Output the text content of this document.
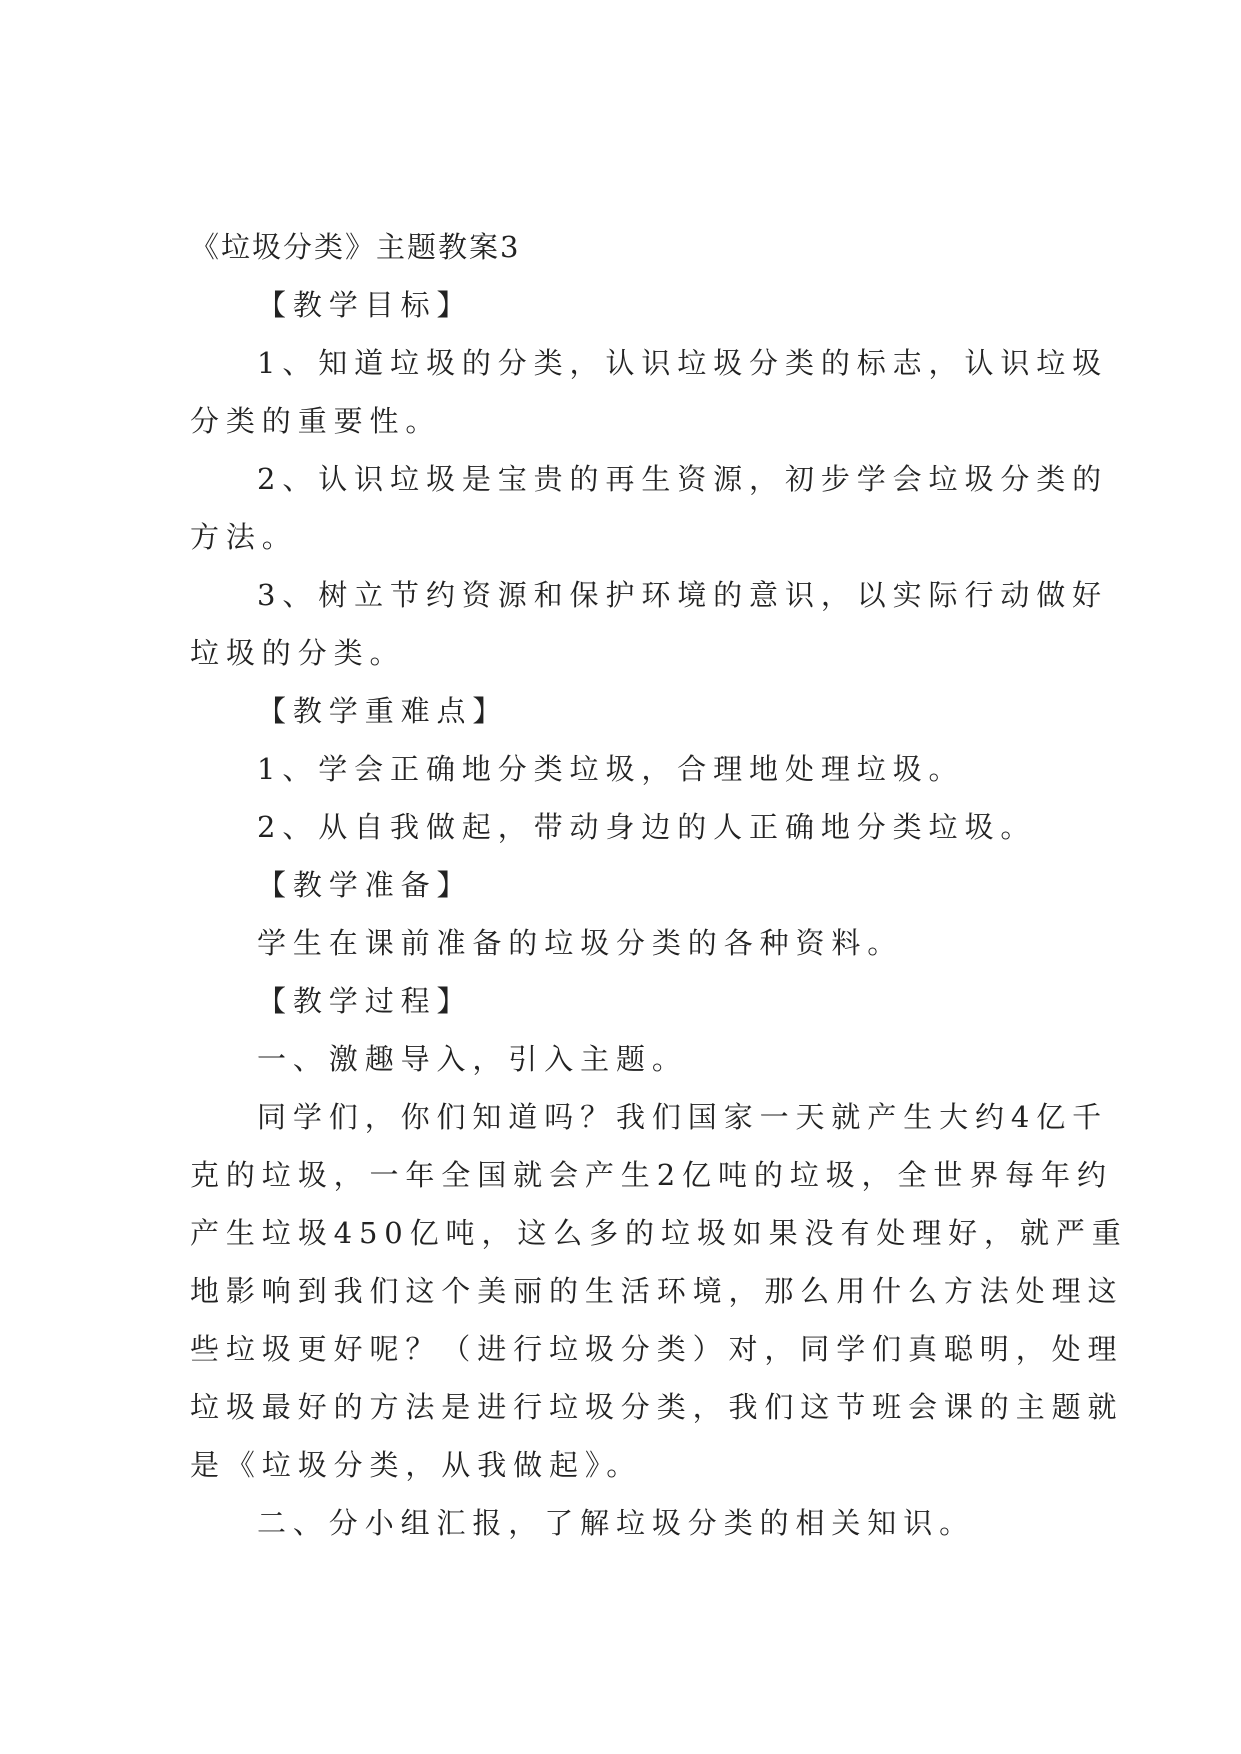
《垃圾分类》主题教案3
【教学目标】
1、知道垃圾的分类，认识垃圾分类的标志，认识垃圾
分类的重要性。
2、认识垃圾是宝贵的再生资源，初步学会垃圾分类的
方法。
3、树立节约资源和保护环境的意识，以实际行动做好
垃圾的分类。
【教学重难点】
1、学会正确地分类垃圾，合理地处理垃圾。
2、从自我做起，带动身边的人正确地分类垃圾。
【教学准备】
学生在课前准备的垃圾分类的各种资料。
【教学过程】
一、激趣导入，引入主题。
同学们，你们知道吗？我们国家一天就产生大约4亿千
克的垃圾，一年全国就会产生2亿吨的垃圾，全世界每年约
产生垃圾450亿吨，这么多的垃圾如果没有处理好，就严重
地影响到我们这个美丽的生活环境，那么用什么方法处理这
些垃圾更好呢？（进行垃圾分类）对，同学们真聪明，处理
垃圾最好的方法是进行垃圾分类，我们这节班会课的主题就
是《垃圾分类，从我做起》。
二、分小组汇报，了解垃圾分类的相关知识。
